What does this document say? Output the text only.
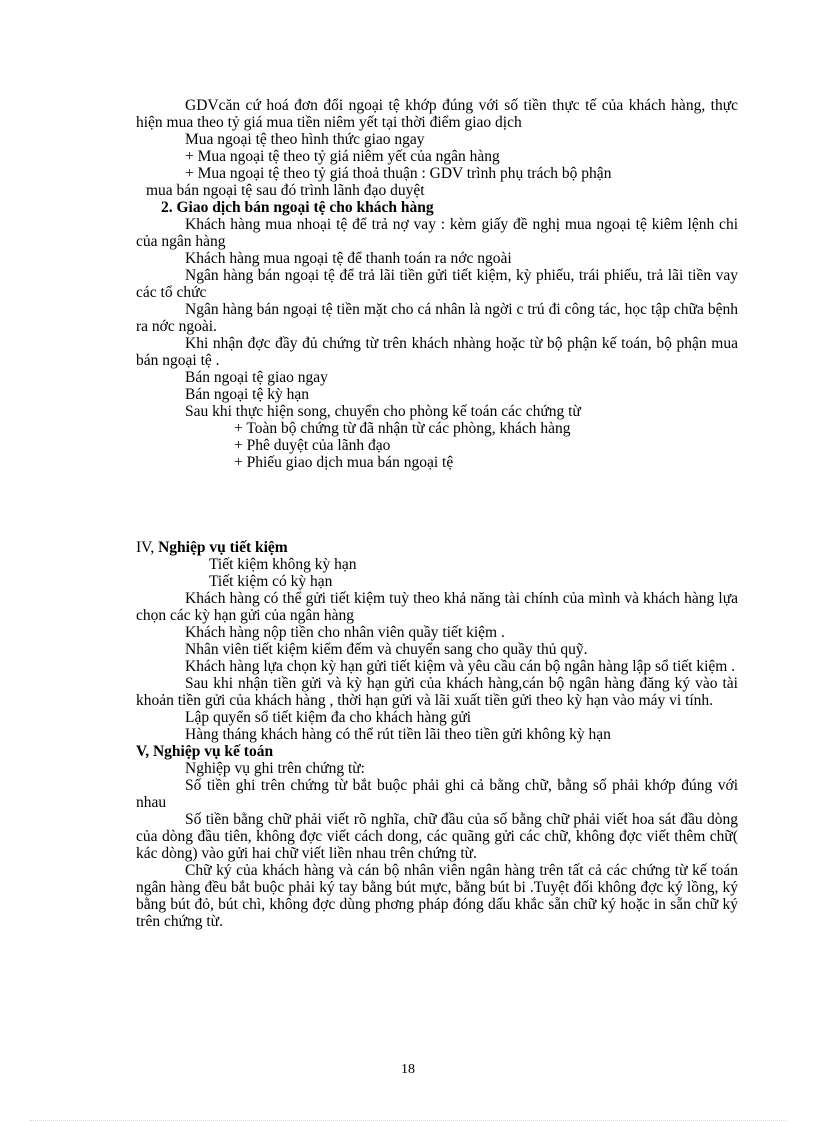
GDVcăn cứ hoá đơn đổi ngoại tệ khớp đúng với số tiền thực tế của khách hàng, thực hiện mua theo tỷ giá mua tiền niêm yết tại thời điểm giao dịch

Mua ngoại tệ theo hình thức giao ngay

+ Mua ngoại tệ theo tỷ giá niêm yết của ngân hàng

+ Mua ngoại tệ theo tỷ giá thoả thuận : GDV trình phụ trách bộ phận

mua bán ngoại tệ sau đó trình lãnh đạo duyệt

2. Giao dịch bán ngoại tệ cho khách hàng

Khách hàng mua nhoại tệ để trả nợ vay : kèm giấy đề nghị mua ngoại tệ kiêm lệnh chi của ngân hàng

Khách hàng mua ngoại tệ để thanh toán ra nớc ngoài

Ngân hàng bán ngoại tệ để trả lãi tiền gửi tiết kiệm, kỳ phiếu, trái phiếu, trả lãi tiền vay các tổ chức

Ngân hàng bán ngoại tệ tiền mặt cho cá nhân là ngời c trú đi công tác, học tập chữa bệnh ra nớc ngoài.

Khi nhận đợc đầy đủ chứng từ trên khách nhàng hoặc từ bộ phận kế toán, bộ phận mua bán ngoại tệ .

Bán ngoại tệ giao ngay

Bán ngoại tệ kỳ hạn

Sau khi thực hiện song, chuyển cho phòng kế toán các chứng từ

+ Toàn bộ chứng từ đã nhận từ các phòng, khách hàng

+ Phê duyệt của lãnh đạo

+ Phiếu giao dịch mua bán ngoại tệ

IV, Nghiệp vụ tiết kiệm

Tiết kiệm không kỳ hạn

Tiết kiệm có kỳ hạn

Khách hàng có thể gửi tiết kiệm tuỳ theo khả năng tài chính của mình và khách hàng lựa chọn các kỳ hạn gửi của ngân hàng

Khách hàng nộp tiền cho nhân viên quầy tiết kiệm .

Nhân viên tiết kiệm kiểm đếm và chuyển sang cho quầy thủ quỹ.

Khách hàng lựa chọn kỳ hạn gửi tiết kiệm và yêu cầu cán bộ ngân hàng lập sổ tiết kiệm .

Sau khi nhận tiền gửi và kỳ hạn gửi của khách hàng,cán bộ ngân hàng đăng ký vào tài khoản tiền gửi của khách hàng , thời hạn gửi và lãi xuất tiền gửi theo kỳ hạn vào máy vi tính.

Lập quyển sổ tiết kiệm đa cho khách hàng gửi

Hàng tháng khách hàng có thể rút tiền lãi theo tiền gửi không kỳ hạn

V, Nghiệp vụ kế toán

Nghiệp vụ ghi trên chứng từ:

Số tiền ghi trên chứng từ bắt buộc phải ghi cả bằng chữ, bằng số phải khớp đúng với nhau

Số tiền bằng chữ phải viết rõ nghĩa, chữ đầu của số bằng chữ phải viết hoa sát đầu dòng của dòng đầu tiên, không đợc viết cách dong, các quãng gửi các chữ, không đợc viết thêm chữ( kác dòng) vào gửi hai chữ viết liền nhau trên chứng từ.

Chữ ký của khách hàng và cán bộ nhân viên ngân hàng trên tất cả các chứng từ kế toán ngân hàng đều bắt buộc phải ký tay bằng bút mực, bằng bút bi .Tuyệt đối không đợc ký lồng, ký bằng bút đỏ, bút chì, không đợc dùng phơng pháp đóng dấu khắc sẵn chữ ký hoặc in sẵn chữ ký trên chứng từ.

18
